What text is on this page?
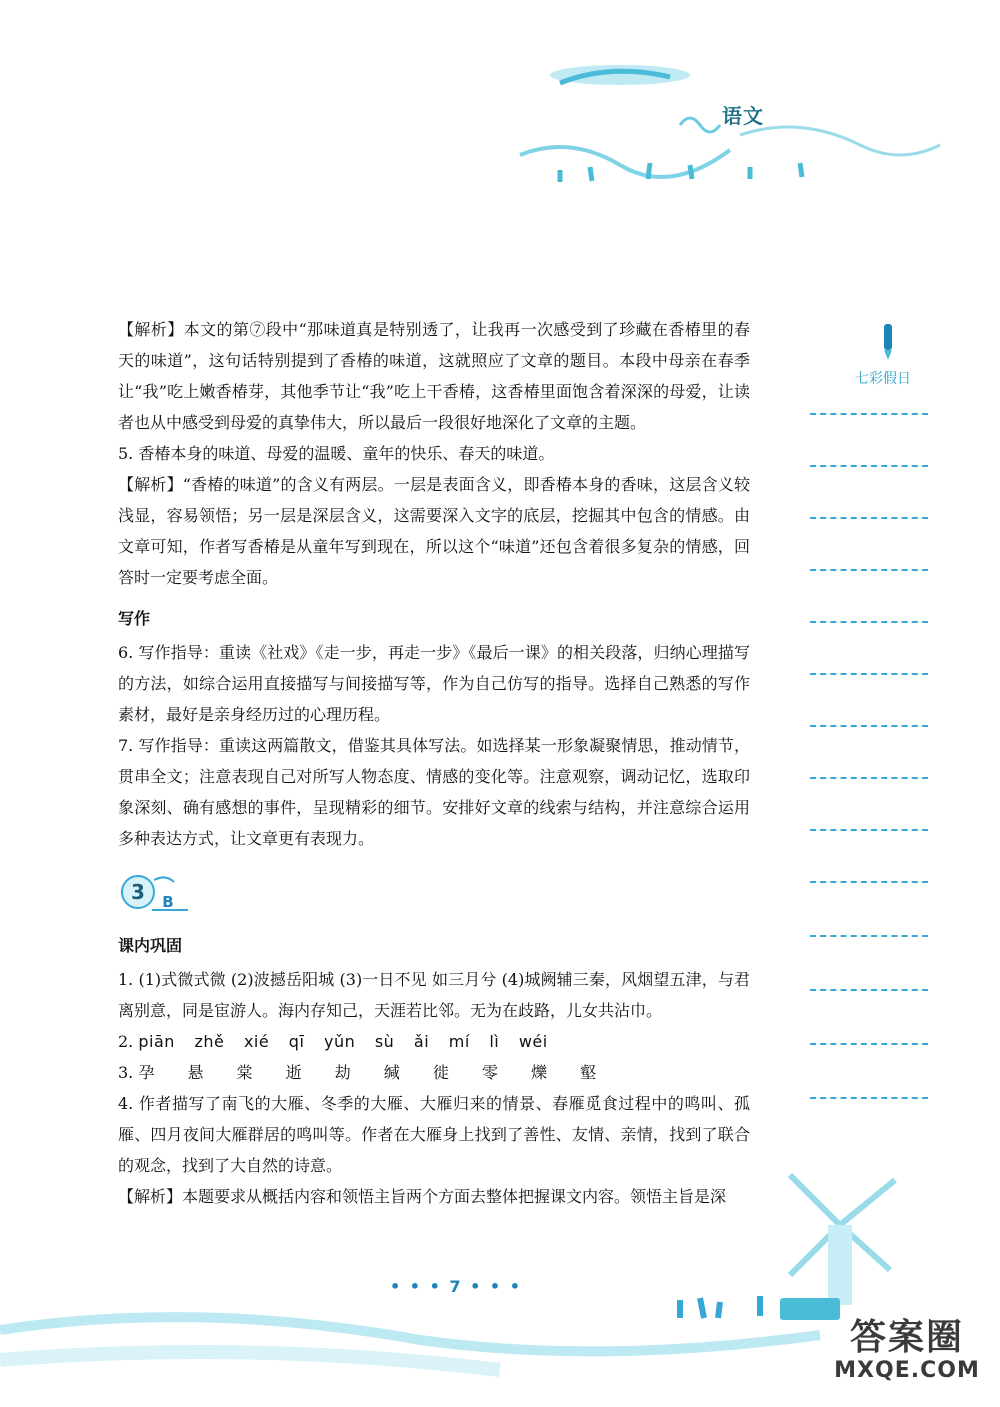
语文
七彩假日

【解析】本文的第⑦段中“那味道真是特别透了，让我再一次感受到了珍藏在香椿里的春天的味道”，这句话特别提到了香椿的味道，这就照应了文章的题目。本段中母亲在春季让“我”吃上嫩香椿芽，其他季节让“我”吃上干香椿，这香椿里面饱含着深深的母爱，让读者也从中感受到母爱的真挚伟大，所以最后一段很好地深化了文章的主题。

5. 香椿本身的味道、母爱的温暖、童年的快乐、春天的味道。

【解析】“香椿的味道”的含义有两层。一层是表面含义，即香椿本身的香味，这层含义较浅显，容易领悟；另一层是深层含义，这需要深入文字的底层，挖掘其中包含的情感。由文章可知，作者写香椿是从童年写到现在，所以这个“味道”还包含着很多复杂的情感，回答时一定要考虑全面。

写作

6. 写作指导：重读《社戏》《走一步，再走一步》《最后一课》的相关段落，归纳心理描写的方法，如综合运用直接描写与间接描写等，作为自己仿写的指导。选择自己熟悉的写作素材，最好是亲身经历过的心理历程。

7. 写作指导：重读这两篇散文，借鉴其具体写法。如选择某一形象凝聚情思，推动情节，贯串全文；注意表现自己对所写人物态度、情感的变化等。注意观察，调动记忆，选取印象深刻、确有感想的事件，呈现精彩的细节。安排好文章的线索与结构，并注意综合运用多种表达方式，让文章更有表现力。

3 B
课内巩固

1. (1)式微式微 (2)波撼岳阳城 (3)一日不见 如三月兮 (4)城阙辅三秦，风烟望五津，与君离别意，同是宦游人。海内存知己，天涯若比邻。无为在歧路，儿女共沾巾。

2. piān zhě xié qī yǔn sù ǎi mí lì wéi

3. 孕 悬 棠 逝 劫 缄 徙 零 爍 壑

4. 作者描写了南飞的大雁、冬季的大雁、大雁归来的情景、春雁觅食过程中的鸣叫、孤雁、四月夜间大雁群居的鸣叫等。作者在大雁身上找到了善性、友情、亲情，找到了联合的观念，找到了大自然的诗意。

【解析】本题要求从概括内容和领悟主旨两个方面去整体把握课文内容。领悟主旨是深

• • • 7 • • •
答案圈
MXQE.COM
